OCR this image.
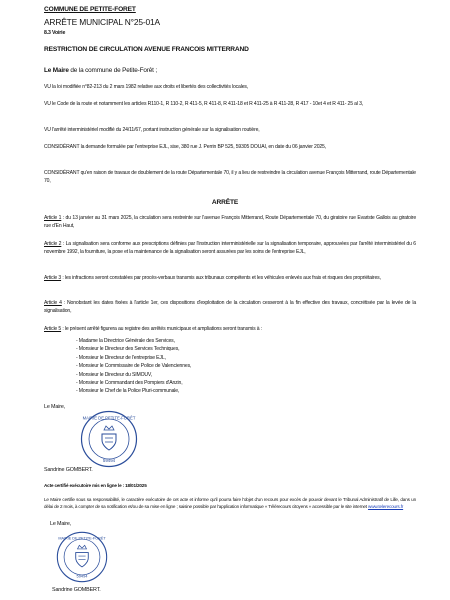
COMMUNE DE PETITE-FORET
ARRÊTE MUNICIPAL N°25-01A
8.3 Voirie
RESTRICTION DE CIRCULATION AVENUE FRANCOIS MITTERRAND
Le Maire de la commune de Petite-Forêt ;
VU la loi modifiée n°82-213 du 2 mars 1982 relative aux droits et libertés des collectivités locales,
VU le Code de la route et notamment les articles R110-1, R 110-2, R 411-5, R 411-8, R 411-18 et R 411-25 à R 411-28, R 417 - 10et 4 et R 411- 25 al 3,
VU l'arrêté interministériel modifié du 24/11/67, portant instruction générale sur la signalisation routière,
CONSIDÉRANT la demande formulée par l'entreprise EJL, sise, 380 rue J. Perrin BP 525, 59305 DOUAI, en date du 06 janvier 2025,
CONSIDÉRANT qu'en raison de travaux de doublement de la route Départementale 70, il y a lieu de restreindre la circulation avenue François Mitterrand, route Départementale 70,
ARRÊTE
Article 1 : du 13 janvier au 31 mars 2025, la circulation sera restreinte sur l'avenue François Mitterrand, Route Départementale 70, du giratoire rue Evariste Gallois au giratoire rue d'En Haut,
Article 2 : La signalisation sera conforme aux prescriptions définies par l'instruction interministérielle sur la signalisation temporaire, approuvées par l'arrêté interministériel du 6 novembre 1992, la fourniture, la pose et la maintenance de la signalisation seront assurées par les soins de l'entreprise EJL,
Article 3 : les infractions seront constatées par procès-verbaux transmis aux tribunaux compétents et les véhicules enlevés aux frais et risques des propriétaires,
Article 4 : Nonobstant les dates fixées à l'article 1er, ces dispositions d'exploitation de la circulation cesseront à la fin effective des travaux, concrétisée par la levée de la signalisation,
Article 5 : le présent arrêté figurera au registre des arrêtés municipaux et ampliations seront transmis à :
- Madame la Directrice Générale des Services,
- Monsieur le Directeur des Services Techniques,
- Monsieur le Directeur de l'entreprise EJL,
- Monsieur le Commissaire de Police de Valenciennes,
- Monsieur le Directeur du SIMOUV,
- Monsieur le Commandant des Pompiers d'Anzin,
- Monsieur le Chef de la Police Pluri-communale,
Le Maire,
MAIRIE DE PETITE-FORÊT
59494
Sandrine GOMBERT.
Acte certifié exécutoire mis en ligne le : 18/01/2025
Le Maire certifie sous sa responsabilité, le caractère exécutoire de cet acte et informe qu'il pourra faire l'objet d'un recours pour excès de pouvoir devant le Tribunal Administratif de Lille, dans un délai de 2 mois, à compter de sa notification et/ou de sa mise en ligne ; saisine possible par l'application informatique « Télérecours citoyens » accessible par le site internet www.telerecours.fr
Le Maire,
MAIRIE DE PETITE-FORÊT
59494
Sandrine GOMBERT.
